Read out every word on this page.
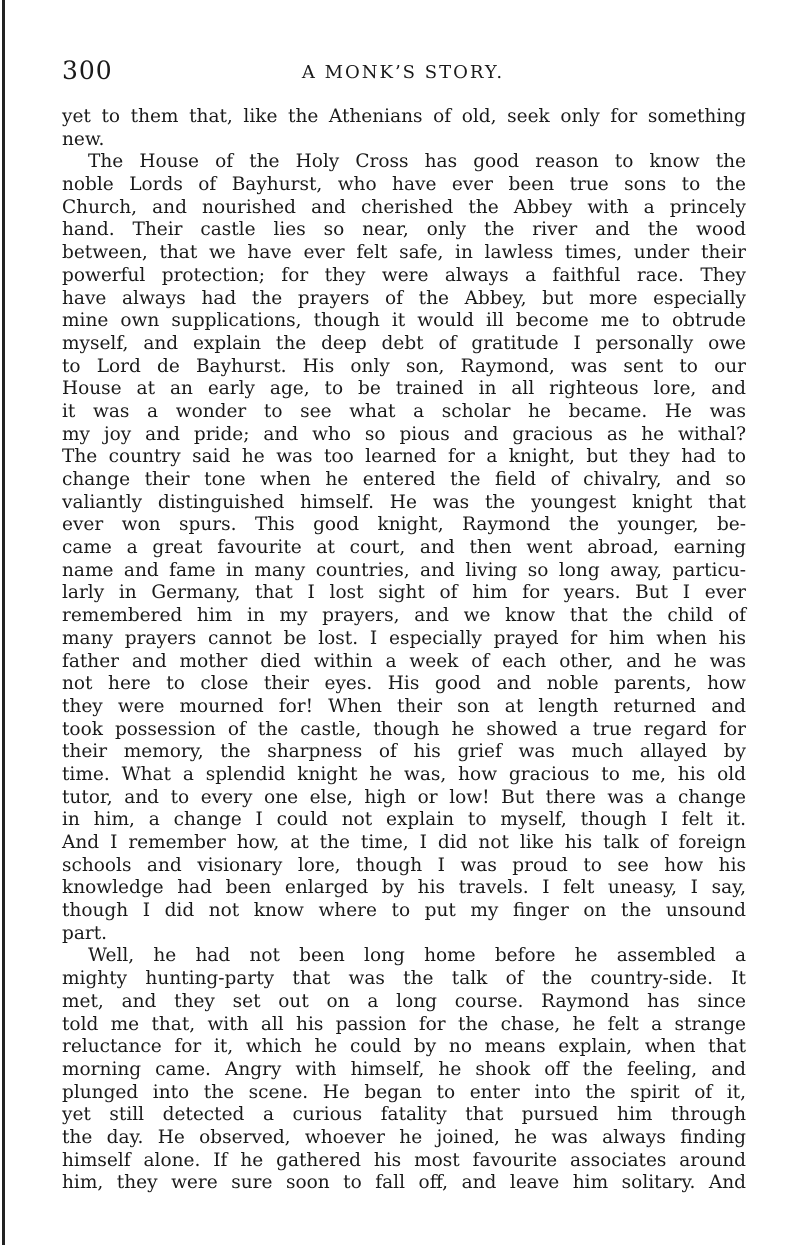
300	A MONK’S STORY.
yet to them that, like the Athenians of old, seek only for something
new.
The House of the Holy Cross has good reason to know the
noble Lords of Bayhurst, who have ever been true sons to the
Church, and nourished and cherished the Abbey with a princely
hand. Their castle lies so near, only the river and the wood
between, that we have ever felt safe, in lawless times, under their
powerful protection; for they were always a faithful race. They
have always had the prayers of the Abbey, but more especially
mine own supplications, though it would ill become me to obtrude
myself, and explain the deep debt of gratitude I personally owe
to Lord de Bayhurst. His only son, Raymond, was sent to our
House at an early age, to be trained in all righteous lore, and
it was a wonder to see what a scholar he became. He was
my joy and pride; and who so pious and gracious as he withal?
The country said he was too learned for a knight, but they had to
change their tone when he entered the field of chivalry, and so
valiantly distinguished himself. He was the youngest knight that
ever won spurs. This good knight, Raymond the younger, be-
came a great favourite at court, and then went abroad, earning
name and fame in many countries, and living so long away, particu-
larly in Germany, that I lost sight of him for years. But I ever
remembered him in my prayers, and we know that the child of
many prayers cannot be lost. I especially prayed for him when his
father and mother died within a week of each other, and he was
not here to close their eyes. His good and noble parents, how
they were mourned for! When their son at length returned and
took possession of the castle, though he showed a true regard for
their memory, the sharpness of his grief was much allayed by
time. What a splendid knight he was, how gracious to me, his old
tutor, and to every one else, high or low! But there was a change
in him, a change I could not explain to myself, though I felt it.
And I remember how, at the time, I did not like his talk of foreign
schools and visionary lore, though I was proud to see how his
knowledge had been enlarged by his travels. I felt uneasy, I say,
though I did not know where to put my finger on the unsound
part.
Well, he had not been long home before he assembled a
mighty hunting-party that was the talk of the country-side. It
met, and they set out on a long course. Raymond has since
told me that, with all his passion for the chase, he felt a strange
reluctance for it, which he could by no means explain, when that
morning came. Angry with himself, he shook off the feeling, and
plunged into the scene. He began to enter into the spirit of it,
yet still detected a curious fatality that pursued him through
the day. He observed, whoever he joined, he was always finding
himself alone. If he gathered his most favourite associates around
him, they were sure soon to fall off, and leave him solitary. And
